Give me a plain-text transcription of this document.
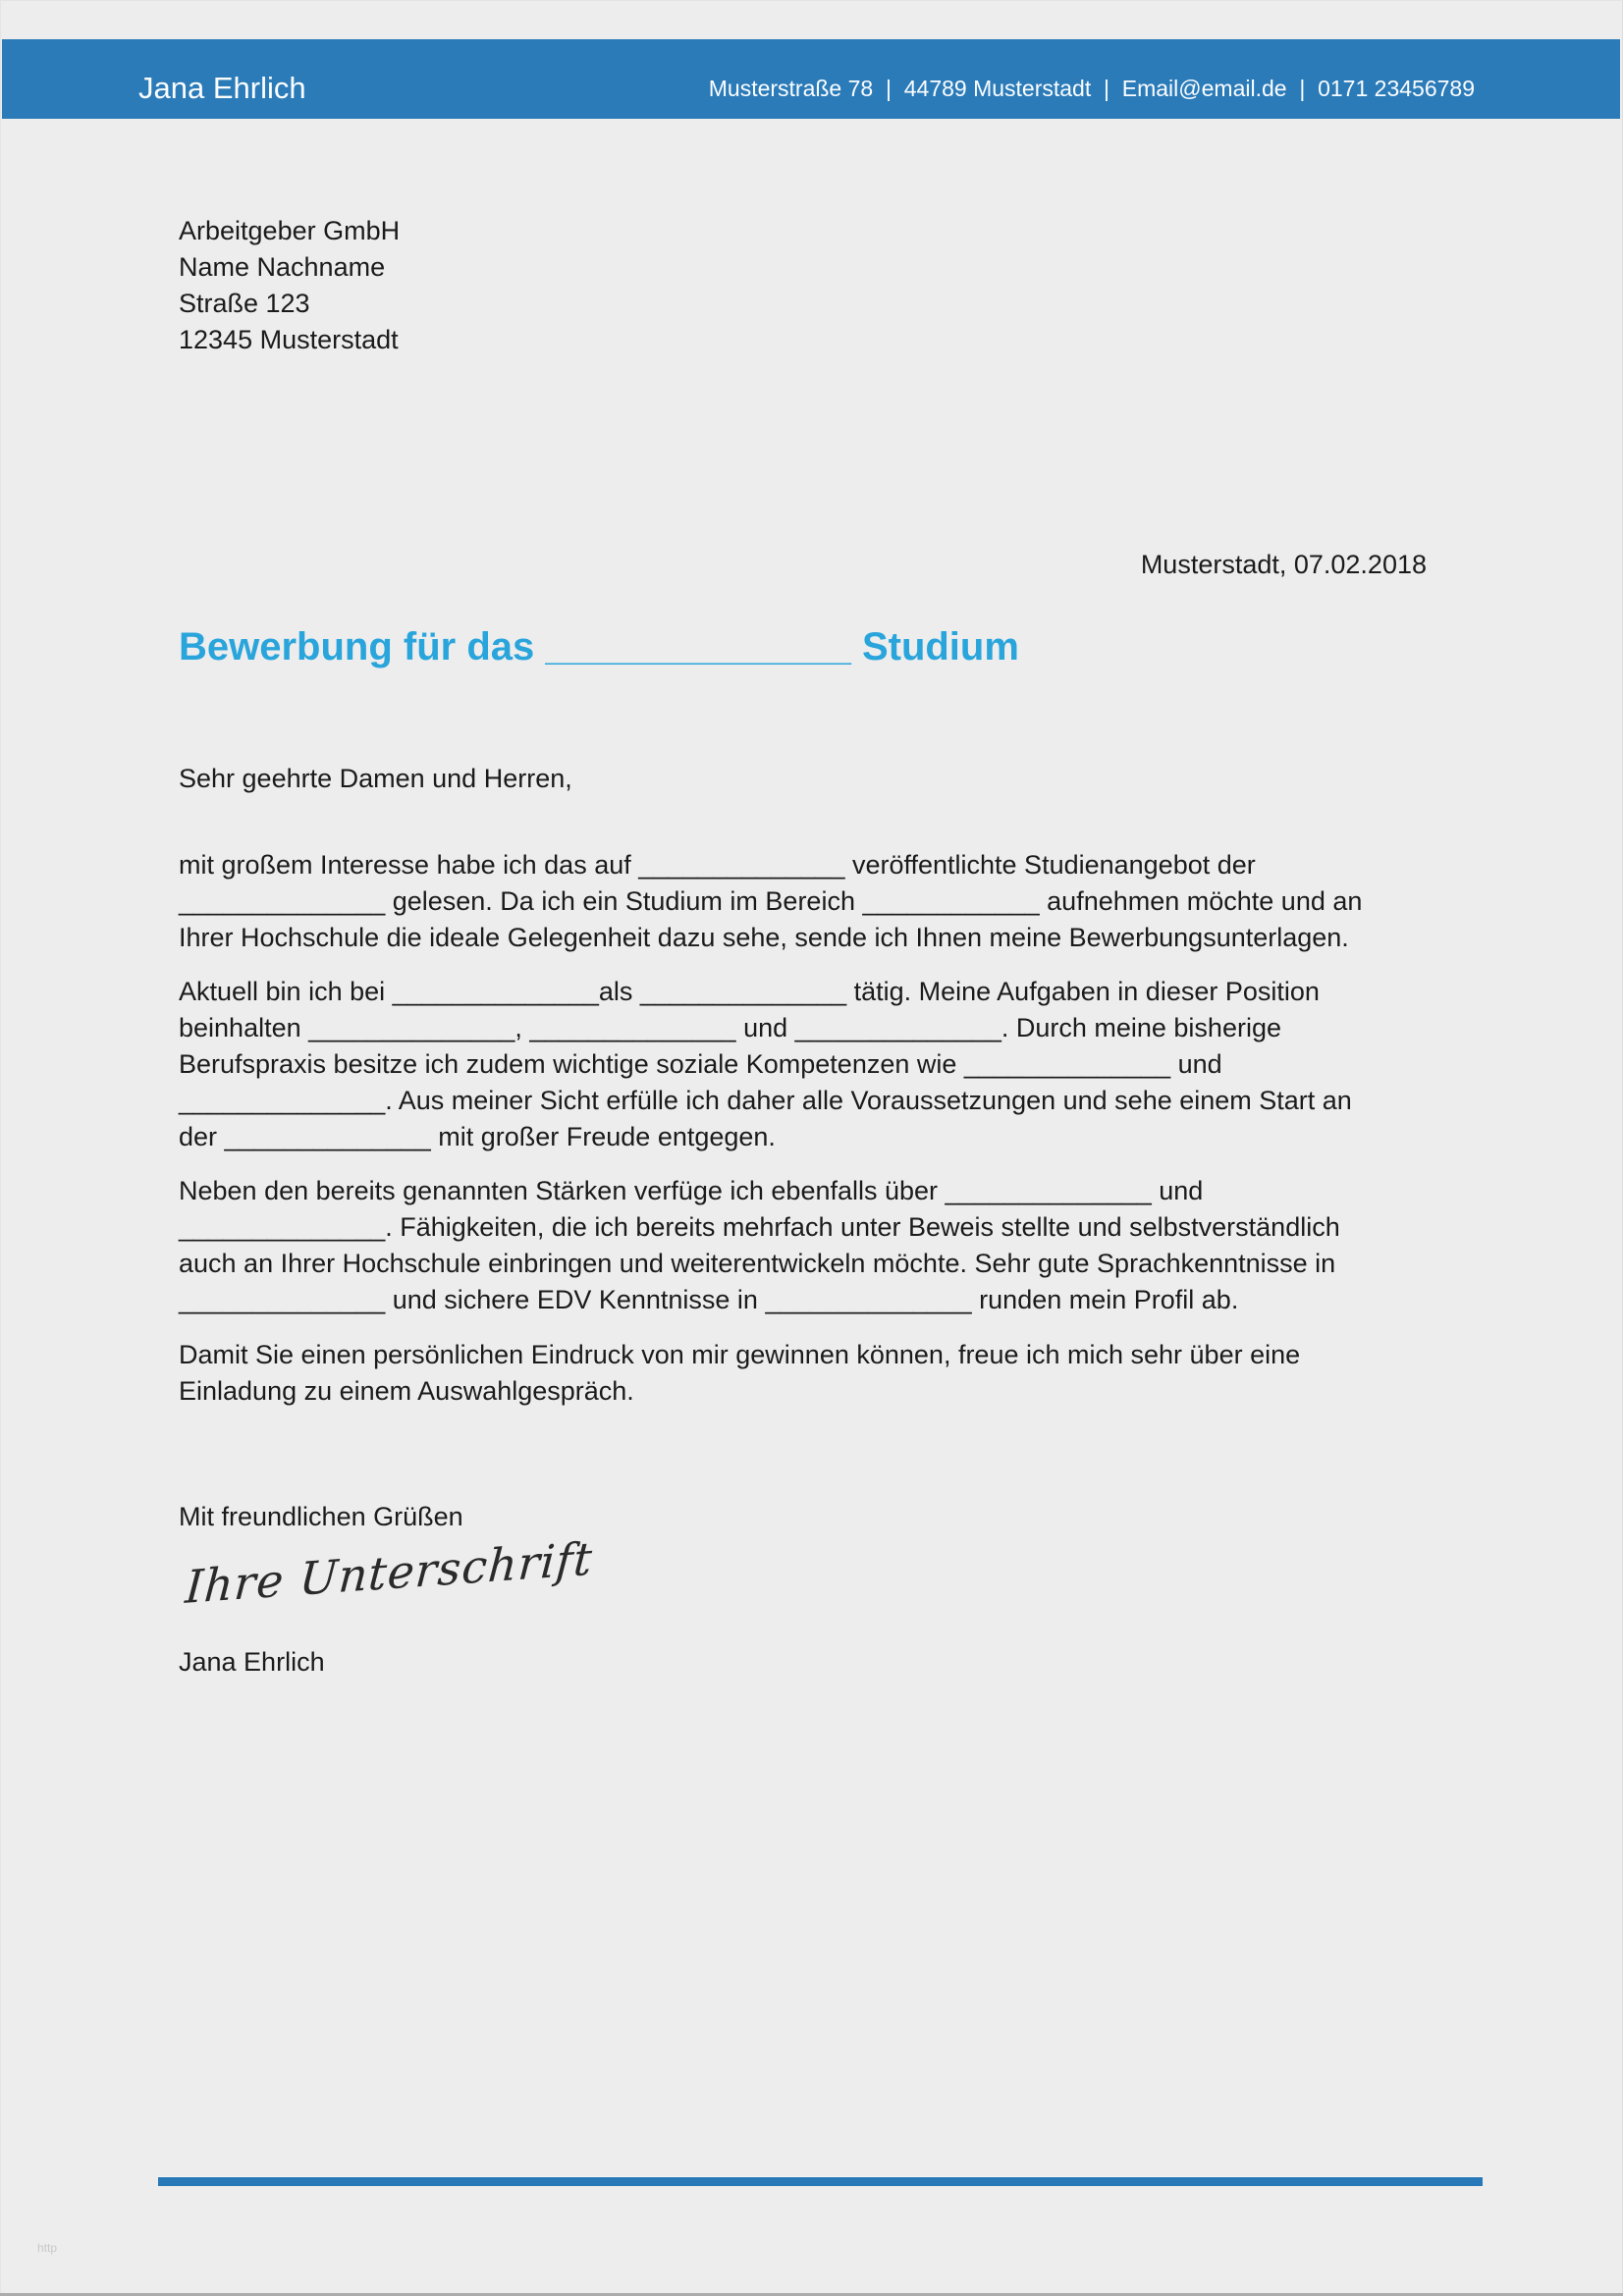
Jana Ehrlich	Musterstraße 78  |  44789 Musterstadt  |  Email@email.de  |  0171 23456789
Arbeitgeber GmbH
Name Nachname
Straße 123
12345 Musterstadt
Musterstadt, 07.02.2018
Bewerbung für das ______________ Studium
Sehr geehrte Damen und Herren,
mit großem Interesse habe ich das auf ______________ veröffentlichte Studienangebot der
______________ gelesen. Da ich ein Studium im Bereich ____________ aufnehmen möchte und an
Ihrer Hochschule die ideale Gelegenheit dazu sehe, sende ich Ihnen meine Bewerbungsunterlagen.
Aktuell bin ich bei ______________als ______________ tätig. Meine Aufgaben in dieser Position
beinhalten ______________, ______________ und ______________. Durch meine bisherige
Berufspraxis besitze ich zudem wichtige soziale Kompetenzen wie ______________ und
______________. Aus meiner Sicht erfülle ich daher alle Voraussetzungen und sehe einem Start an
der ______________ mit großer Freude entgegen.
Neben den bereits genannten Stärken verfüge ich ebenfalls über ______________ und
______________. Fähigkeiten, die ich bereits mehrfach unter Beweis stellte und selbstverständlich
auch an Ihrer Hochschule einbringen und weiterentwickeln möchte. Sehr gute Sprachkenntnisse in
______________ und sichere EDV Kenntnisse in ______________ runden mein Profil ab.
Damit Sie einen persönlichen Eindruck von mir gewinnen können, freue ich mich sehr über eine
Einladung zu einem Auswahlgespräch.
Mit freundlichen Grüßen
Ihre Unterschrift
Jana Ehrlich
http
